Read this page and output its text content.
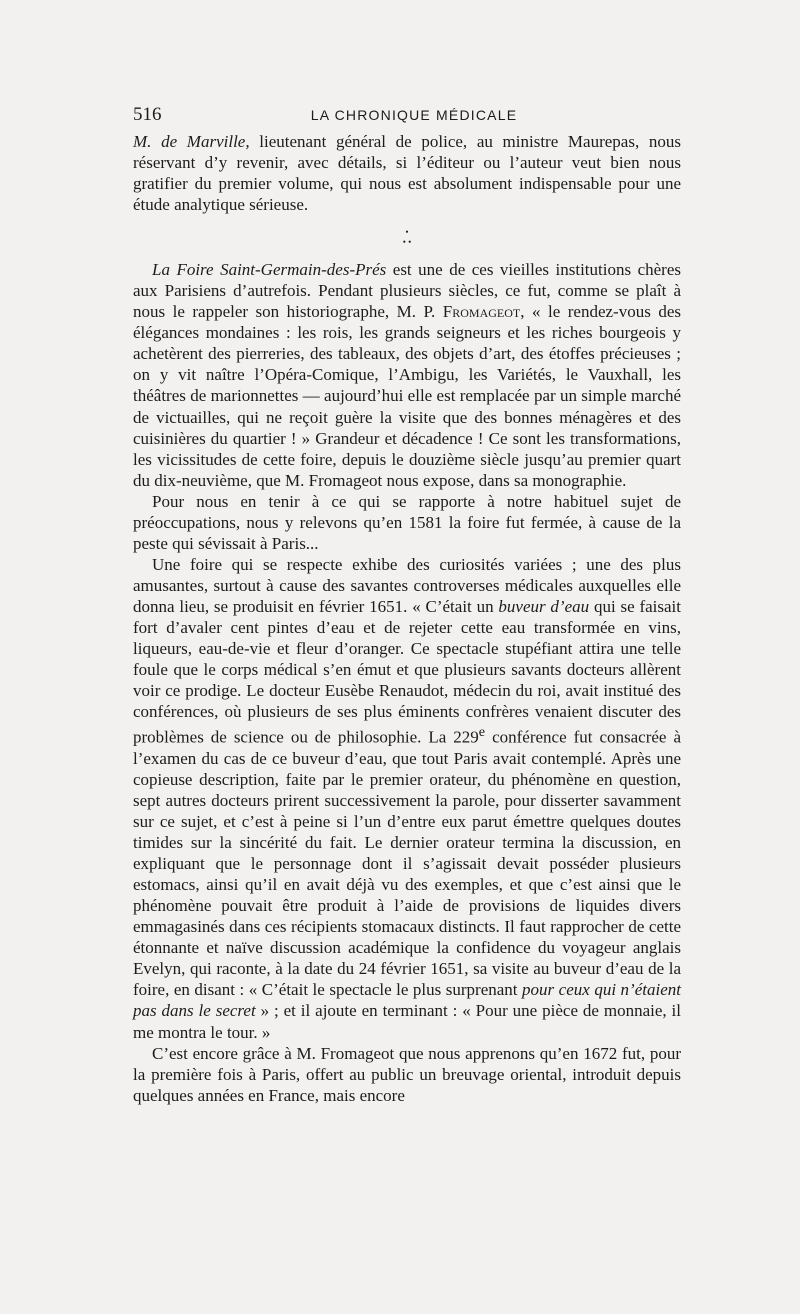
516	LA CHRONIQUE MÉDICALE

M. de Marville, lieutenant général de police, au ministre Maurepas, nous réservant d’y revenir, avec détails, si l’éditeur ou l’auteur veut bien nous gratifier du premier volume, qui nous est absolument indispensable pour une étude analytique sérieuse.

•
• •

La Foire Saint-Germain-des-Prés est une de ces vieilles institutions chères aux Parisiens d’autrefois. Pendant plusieurs siècles, ce fut, comme se plaît à nous le rappeler son historiographe, M. P. Fromageot, « le rendez-vous des élégances mondaines : les rois, les grands seigneurs et les riches bourgeois y achetèrent des pierreries, des tableaux, des objets d’art, des étoffes précieuses ; on y vit naître l’Opéra-Comique, l’Ambigu, les Variétés, le Vauxhall, les théâtres de marionnettes — aujourd’hui elle est remplacée par un simple marché de victuailles, qui ne reçoit guère la visite que des bonnes ménagères et des cuisinières du quartier ! » Grandeur et décadence ! Ce sont les transformations, les vicissitudes de cette foire, depuis le douzième siècle jusqu’au premier quart du dix-neuvième, que M. Fromageot nous expose, dans sa monographie.

Pour nous en tenir à ce qui se rapporte à notre habituel sujet de préoccupations, nous y relevons qu’en 1581 la foire fut fermée, à cause de la peste qui sévissait à Paris...

Une foire qui se respecte exhibe des curiosités variées ; une des plus amusantes, surtout à cause des savantes controverses médicales auxquelles elle donna lieu, se produisit en février 1651. « C’était un buveur d’eau qui se faisait fort d’avaler cent pintes d’eau et de rejeter cette eau transformée en vins, liqueurs, eau-de-vie et fleur d’oranger. Ce spectacle stupéfiant attira une telle foule que le corps médical s’en émut et que plusieurs savants docteurs allèrent voir ce prodige. Le docteur Eusèbe Renaudot, médecin du roi, avait institué des conférences, où plusieurs de ses plus éminents confrères venaient discuter des problèmes de science ou de philosophie. La 229e conférence fut consacrée à l’examen du cas de ce buveur d’eau, que tout Paris avait contemplé. Après une copieuse description, faite par le premier orateur, du phénomène en question, sept autres docteurs prirent successivement la parole, pour disserter savamment sur ce sujet, et c’est à peine si l’un d’entre eux parut émettre quelques doutes timides sur la sincérité du fait. Le dernier orateur termina la discussion, en expliquant que le personnage dont il s’agissait devait posséder plusieurs estomacs, ainsi qu’il en avait déjà vu des exemples, et que c’est ainsi que le phénomène pouvait être produit à l’aide de provisions de liquides divers emmagasinés dans ces récipients stomacaux distincts. Il faut rapprocher de cette étonnante et naïve discussion académique la confidence du voyageur anglais Evelyn, qui raconte, à la date du 24 février 1651, sa visite au buveur d’eau de la foire, en disant : « C’était le spectacle le plus surprenant pour ceux qui n’étaient pas dans le secret » ; et il ajoute en terminant : « Pour une pièce de monnaie, il me montra le tour. »

C’est encore grâce à M. Fromageot que nous apprenons qu’en 1672 fut, pour la première fois à Paris, offert au public un breuvage oriental, introduit depuis quelques années en France, mais encore
